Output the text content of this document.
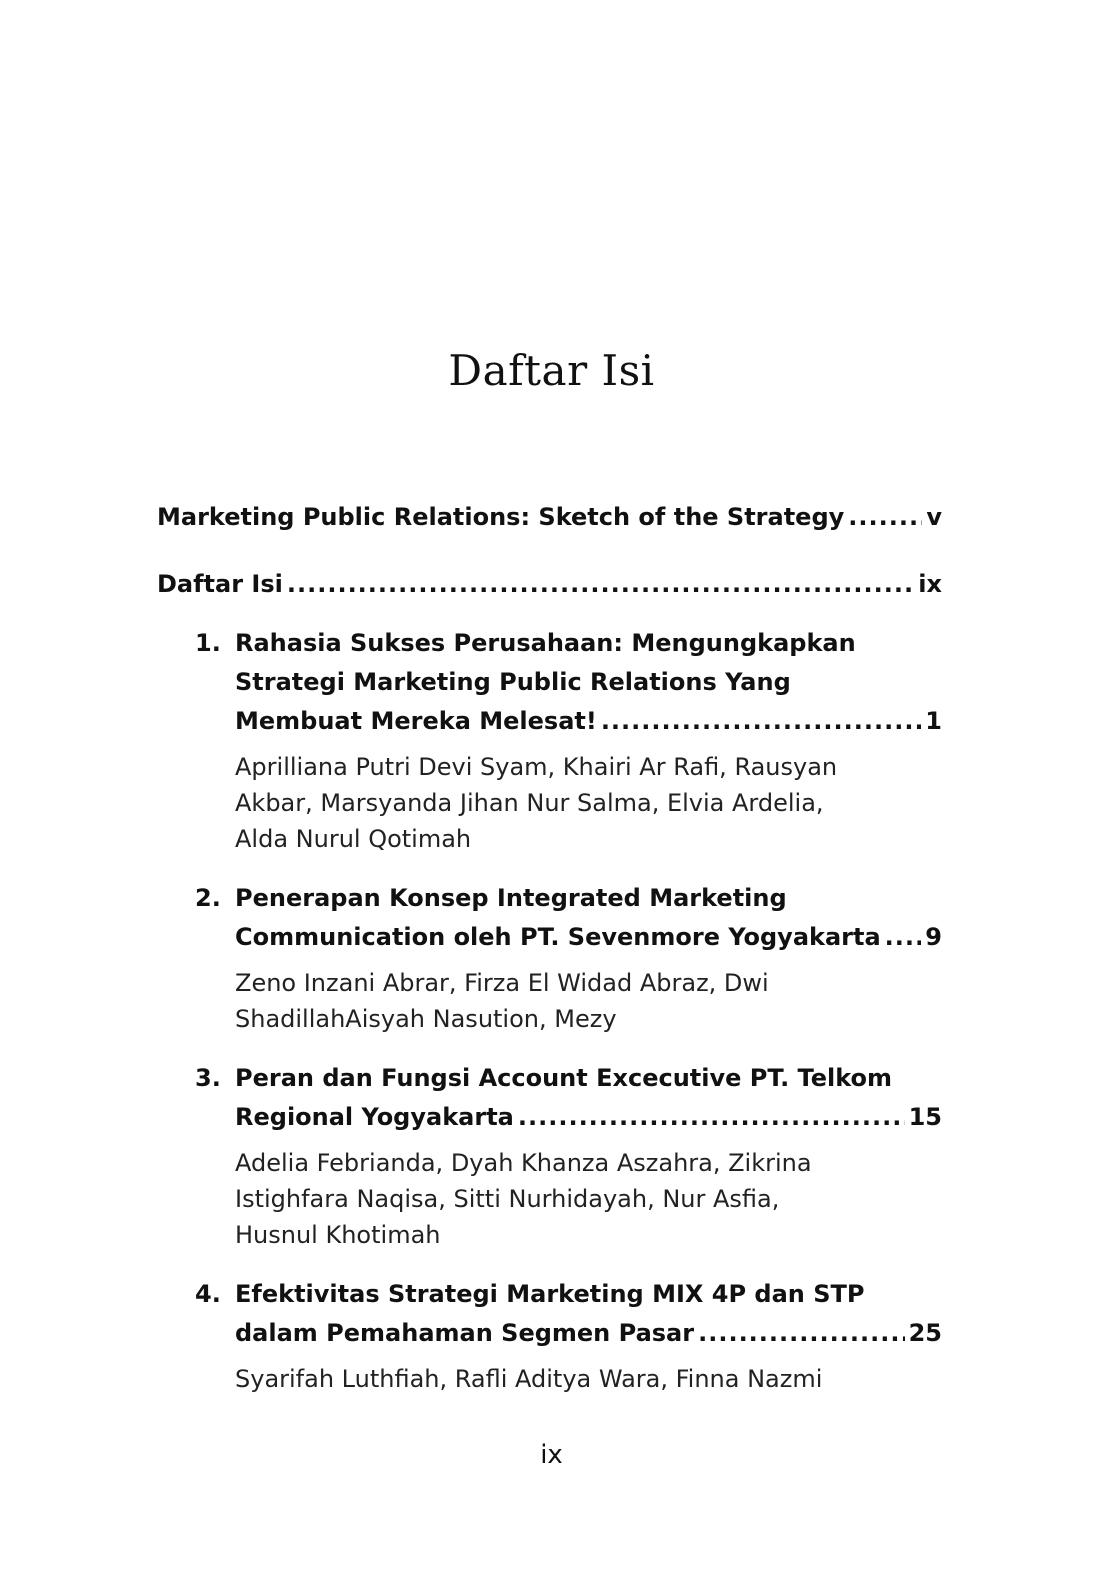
Daftar Isi
Marketing Public Relations: Sketch of the Strategy .....	v
Daftar Isi .....	ix
1. Rahasia Sukses Perusahaan: Mengungkapkan
Strategi Marketing Public Relations Yang
Membuat Mereka Melesat! .....	1
Aprilliana Putri Devi Syam, Khairi Ar Rafi, Rausyan
Akbar, Marsyanda Jihan Nur Salma, Elvia Ardelia,
Alda Nurul Qotimah
2. Penerapan Konsep Integrated Marketing
Communication oleh PT. Sevenmore Yogyakarta ..... 9
Zeno Inzani Abrar, Firza El Widad Abraz, Dwi
ShadillahAisyah Nasution, Mezy
3. Peran dan Fungsi Account Excecutive PT. Telkom
Regional Yogyakarta .....	15
Adelia Febrianda, Dyah Khanza Aszahra, Zikrina
Istighfara Naqisa, Sitti Nurhidayah, Nur Asfia,
Husnul Khotimah
4. Efektivitas Strategi Marketing MIX 4P dan STP
dalam Pemahaman Segmen Pasar .....	25
Syarifah Luthfiah, Rafli Aditya Wara, Finna Nazmi
ix
